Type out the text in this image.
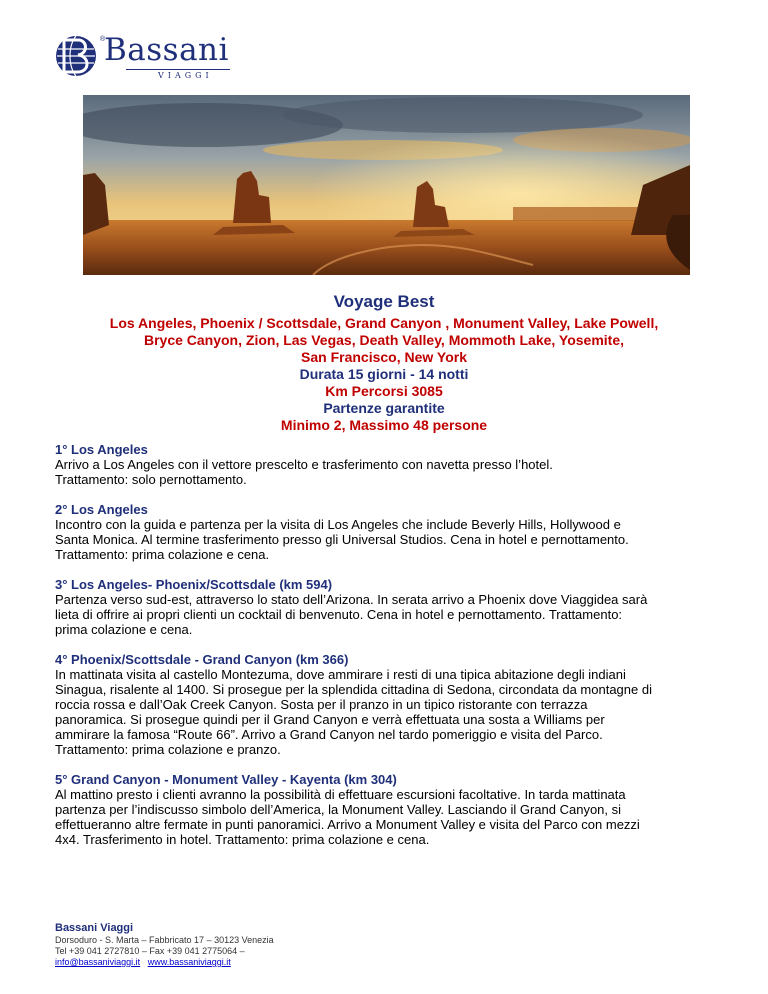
®
Bassani
VIAGGI
Voyage Best
Los Angeles, Phoenix / Scottsdale, Grand Canyon , Monument Valley, Lake Powell,
Bryce Canyon, Zion, Las Vegas, Death Valley, Mommoth Lake, Yosemite,
San Francisco, New York
Durata 15 giorni - 14 notti
Km Percorsi 3085
Partenze garantite
Minimo 2, Massimo 48 persone
1° Los Angeles

Arrivo a Los Angeles con il vettore prescelto e trasferimento con navetta presso l’hotel.

Trattamento: solo pernottamento.

2° Los Angeles

Incontro con la guida e partenza per la visita di Los Angeles che include Beverly Hills, Hollywood e

Santa Monica. Al termine trasferimento presso gli Universal Studios. Cena in hotel e pernottamento.

Trattamento: prima colazione e cena.

3° Los Angeles- Phoenix/Scottsdale (km 594)

Partenza verso sud-est, attraverso lo stato dell’Arizona. In serata arrivo a Phoenix dove Viaggidea sarà

lieta di offrire ai propri clienti un cocktail di benvenuto. Cena in hotel e pernottamento. Trattamento:

prima colazione e cena.

4° Phoenix/Scottsdale - Grand Canyon (km 366)

In mattinata visita al castello Montezuma, dove ammirare i resti di una tipica abitazione degli indiani

Sinagua, risalente al 1400. Si prosegue per la splendida cittadina di Sedona, circondata da montagne di

roccia rossa e dall’Oak Creek Canyon. Sosta per il pranzo in un tipico ristorante con terrazza

panoramica. Si prosegue quindi per il Grand Canyon e verrà effettuata una sosta a Williams per

ammirare la famosa “Route 66”. Arrivo a Grand Canyon nel tardo pomeriggio e visita del Parco.

Trattamento: prima colazione e pranzo.

5° Grand Canyon - Monument Valley - Kayenta (km 304)

Al mattino presto i clienti avranno la possibilità di effettuare escursioni facoltative. In tarda mattinata

partenza per l’indiscusso simbolo dell’America, la Monument Valley. Lasciando il Grand Canyon, si

effettueranno altre fermate in punti panoramici. Arrivo a Monument Valley e visita del Parco con mezzi

4x4. Trasferimento in hotel. Trattamento: prima colazione e cena.

Bassani Viaggi
Dorsoduro - S. Marta – Fabbricato 17 – 30123 Venezia
Tel +39 041 2727810 – Fax +39 041 2775064 –
info@bassaniviaggi.it www.bassaniviaggi.it
